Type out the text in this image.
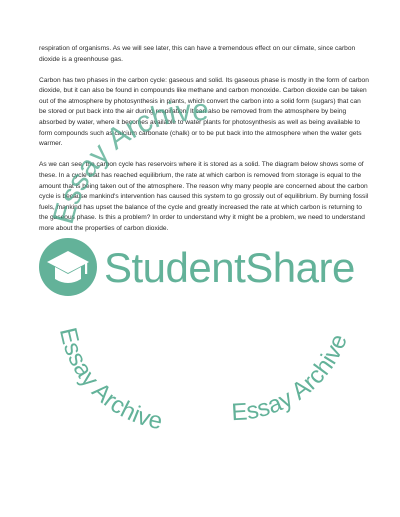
respiration of organisms. As we will see later, this can have a tremendous effect on our climate, since carbon dioxide is a greenhouse gas.

Carbon has two phases in the carbon cycle: gaseous and solid. Its gaseous phase is mostly in the form of carbon dioxide, but it can also be found in compounds like methane and carbon monoxide. Carbon dioxide can be taken out of the atmosphere by photosynthesis in plants, which convert the carbon into a solid form (sugars) that can be stored or put back into the air during respiration. It can also be removed from the atmosphere by being absorbed by water, where it becomes available to water plants for photosynthesis as well as being available to form compounds such as calcium carbonate (chalk) or to be put back into the atmosphere when the water gets warmer.

As we can see, the carbon cycle has reservoirs where it is stored as a solid. The diagram below shows some of these. In a cycle that has reached equilibrium, the rate at which carbon is removed from storage is equal to the amount that is being taken out of the atmosphere. The reason why many people are concerned about the carbon cycle is because mankind's intervention has caused this system to go grossly out of equilibrium. By burning fossil fuels, mankind has upset the balance of the cycle and greatly increased the rate at which carbon is returning to the gaseous phase. Is this a problem? In order to understand why it might be a problem, we need to understand more about the properties of carbon dioxide.

Essay Archive
StudentShare
Essay Archive	Essay Archive
